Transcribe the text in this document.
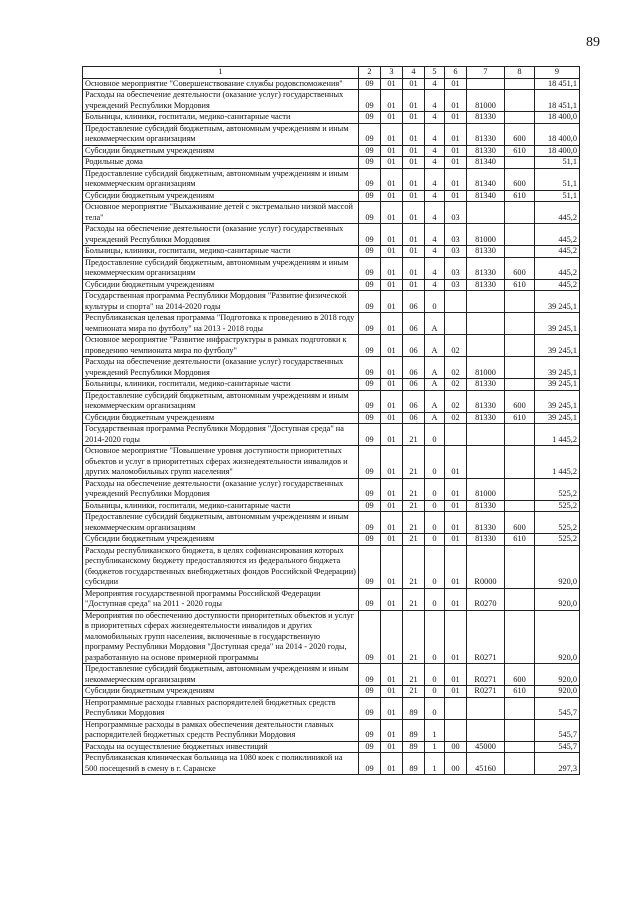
89
1	2	3	4	5	6	7	8	9
Основное мероприятие "Совершенствование службы родовспоможения"	09	01	01	4	01			18 451,1
Расходы на обеспечение деятельности (оказание услуг) государственных учреждений Республики Мордовия	09	01	01	4	01	81000		18 451,1
Больницы, клиники, госпитали, медико-санитарные части	09	01	01	4	01	81330		18 400,0
Предоставление субсидий бюджетным, автономным учреждениям и иным некоммерческим организациям	09	01	01	4	01	81330	600	18 400,0
Субсидии бюджетным учреждениям	09	01	01	4	01	81330	610	18 400,0
Родильные дома	09	01	01	4	01	81340		51,1
Предоставление субсидий бюджетным, автономным учреждениям и иным некоммерческим организациям	09	01	01	4	01	81340	600	51,1
Субсидии бюджетным учреждениям	09	01	01	4	01	81340	610	51,1
Основное мероприятие "Выхаживание детей с экстремально низкой массой тела"	09	01	01	4	03			445,2
Расходы на обеспечение деятельности (оказание услуг) государственных учреждений Республики Мордовия	09	01	01	4	03	81000		445,2
Больницы, клиники, госпитали, медико-санитарные части	09	01	01	4	03	81330		445,2
Предоставление субсидий бюджетным, автономным учреждениям и иным некоммерческим организациям	09	01	01	4	03	81330	600	445,2
Субсидии бюджетным учреждениям	09	01	01	4	03	81330	610	445,2
Государственная программа Республики Мордовия "Развитие физической культуры и спорта" на 2014-2020 годы	09	01	06	0				39 245,1
Республиканская целевая программа "Подготовка к проведению в 2018 году чемпионата мира по футболу" на 2013 - 2018 годы	09	01	06	А				39 245,1
Основное мероприятие "Развитие инфраструктуры в рамках подготовки к проведению чемпионата мира по футболу"	09	01	06	А	02			39 245,1
Расходы на обеспечение деятельности (оказание услуг) государственных учреждений Республики Мордовия	09	01	06	А	02	81000		39 245,1
Больницы, клиники, госпитали, медико-санитарные части	09	01	06	А	02	81330		39 245,1
Предоставление субсидий бюджетным, автономным учреждениям и иным некоммерческим организациям	09	01	06	А	02	81330	600	39 245,1
Субсидии бюджетным учреждениям	09	01	06	А	02	81330	610	39 245,1
Государственная программа Республики Мордовия "Доступная среда" на 2014-2020 годы	09	01	21	0				1 445,2
Основное мероприятие "Повышение уровня доступности приоритетных объектов и услуг в приоритетных сферах жизнедеятельности инвалидов и других маломобильных групп населения"	09	01	21	0	01			1 445,2
Расходы на обеспечение деятельности (оказание услуг) государственных учреждений Республики Мордовия	09	01	21	0	01	81000		525,2
Больницы, клиники, госпитали, медико-санитарные части	09	01	21	0	01	81330		525,2
Предоставление субсидий бюджетным, автономным учреждениям и иным некоммерческим организациям	09	01	21	0	01	81330	600	525,2
Субсидии бюджетным учреждениям	09	01	21	0	01	81330	610	525,2
Расходы республиканского бюджета, в целях софинансирования которых республиканскому бюджету предоставляются из федерального бюджета (бюджетов государственных внебюджетных фондов Российской Федерации) субсидии	09	01	21	0	01	R0000		920,0
Мероприятия государственной программы Российской Федерации "Доступная среда" на 2011 - 2020 годы	09	01	21	0	01	R0270		920,0
Мероприятия по обеспечению доступности приоритетных объектов и услуг в приоритетных сферах жизнедеятельности инвалидов и других маломобильных групп населения, включенные в государственную программу Республики Мордовия "Доступная среда" на 2014 - 2020 годы, разработанную на основе примерной программы	09	01	21	0	01	R0271		920,0
Предоставление субсидий бюджетным, автономным учреждениям и иным некоммерческим организациям	09	01	21	0	01	R0271	600	920,0
Субсидии бюджетным учреждениям	09	01	21	0	01	R0271	610	920,0
Непрограммные расходы главных распорядителей бюджетных средств Республики Мордовия	09	01	89	0				545,7
Непрограммные расходы в рамках обеспечения деятельности главных распорядителей бюджетных средств Республики Мордовия	09	01	89	1				545,7
Расходы на осуществление бюджетных инвестиций	09	01	89	1	00	45000		545,7
Республиканская клиническая больница на 1080 коек с поликлиникой на 500 посещений в смену в г. Саранске	09	01	89	1	00	45160		297,3
